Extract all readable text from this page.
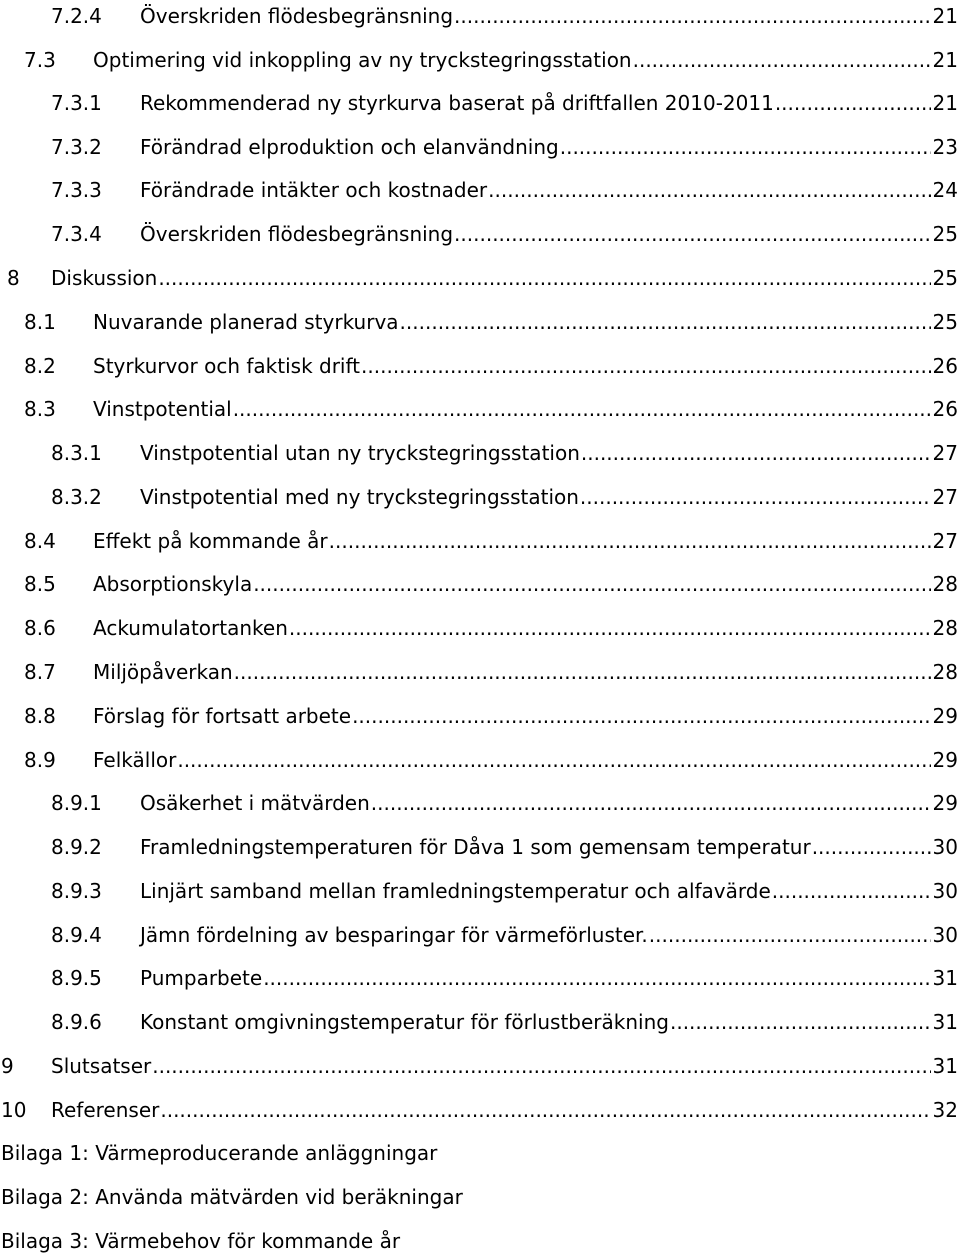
7.2.4	Överskriden flödesbegränsning .....	21
7.3	Optimering vid inkoppling av ny tryckstegringsstation .....	21
7.3.1	Rekommenderad ny styrkurva baserat på driftfallen 2010-2011 .....	21
7.3.2	Förändrad elproduktion och elanvändning .....	23
7.3.3	Förändrade intäkter och kostnader .....	24
7.3.4	Överskriden flödesbegränsning .....	25
8	Diskussion .....	25
8.1	Nuvarande planerad styrkurva .....	25
8.2	Styrkurvor och faktisk drift .....	26
8.3	Vinstpotential .....	26
8.3.1	Vinstpotential utan ny tryckstegringsstation .....	27
8.3.2	Vinstpotential med ny tryckstegringsstation .....	27
8.4	Effekt på kommande år .....	27
8.5	Absorptionskyla .....	28
8.6	Ackumulatortanken .....	28
8.7	Miljöpåverkan .....	28
8.8	Förslag för fortsatt arbete .....	29
8.9	Felkällor .....	29
8.9.1	Osäkerhet i mätvärden .....	29
8.9.2	Framledningstemperaturen för Dåva 1 som gemensam temperatur .....	30
8.9.3	Linjärt samband mellan framledningstemperatur och alfavärde .....	30
8.9.4	Jämn fördelning av besparingar för värmeförluster. .....	30
8.9.5	Pumparbete .....	31
8.9.6	Konstant omgivningstemperatur för förlustberäkning .....	31
9	Slutsatser .....	31
10	Referenser .....	32
Bilaga 1: Värmeproducerande anläggningar
Bilaga 2: Använda mätvärden vid beräkningar
Bilaga 3: Värmebehov för kommande år
